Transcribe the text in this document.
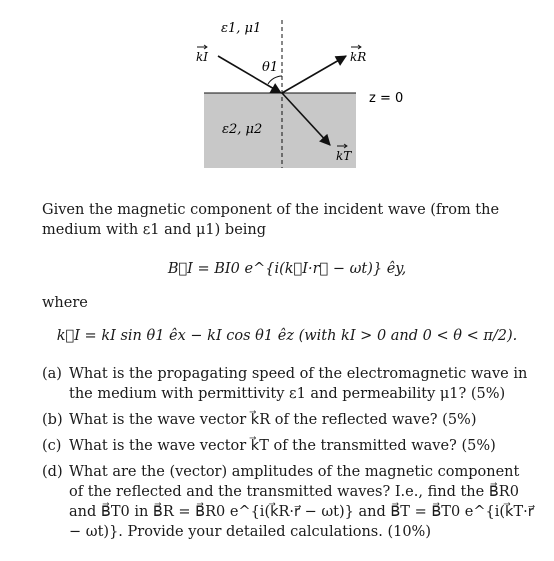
ε1, μ1
ε2, μ2
θ1
kI	kR
kT
z = 0
Given the magnetic component of the incident wave (from the medium with ε1 and μ1) being
B⃗I = BI0 e^{i(k⃗I·r⃗ − ωt)} êy,
where
k⃗I = kI sin θ1 êx − kI cos θ1 êz (with kI > 0 and 0 < θ < π/2).
(a) What is the propagating speed of the electromagnetic wave in the medium with permittivity ε1 and permeability μ1? (5%)
(b) What is the wave vector k⃗R of the reflected wave? (5%)
(c) What is the wave vector k⃗T of the transmitted wave? (5%)
(d) What are the (vector) amplitudes of the magnetic component of the reflected and the transmitted waves? I.e., find the B⃗R0 and B⃗T0 in B⃗R = B⃗R0 e^{i(k⃗R·r⃗ − ωt)} and B⃗T = B⃗T0 e^{i(k⃗T·r⃗ − ωt)}. Provide your detailed calculations. (10%)
